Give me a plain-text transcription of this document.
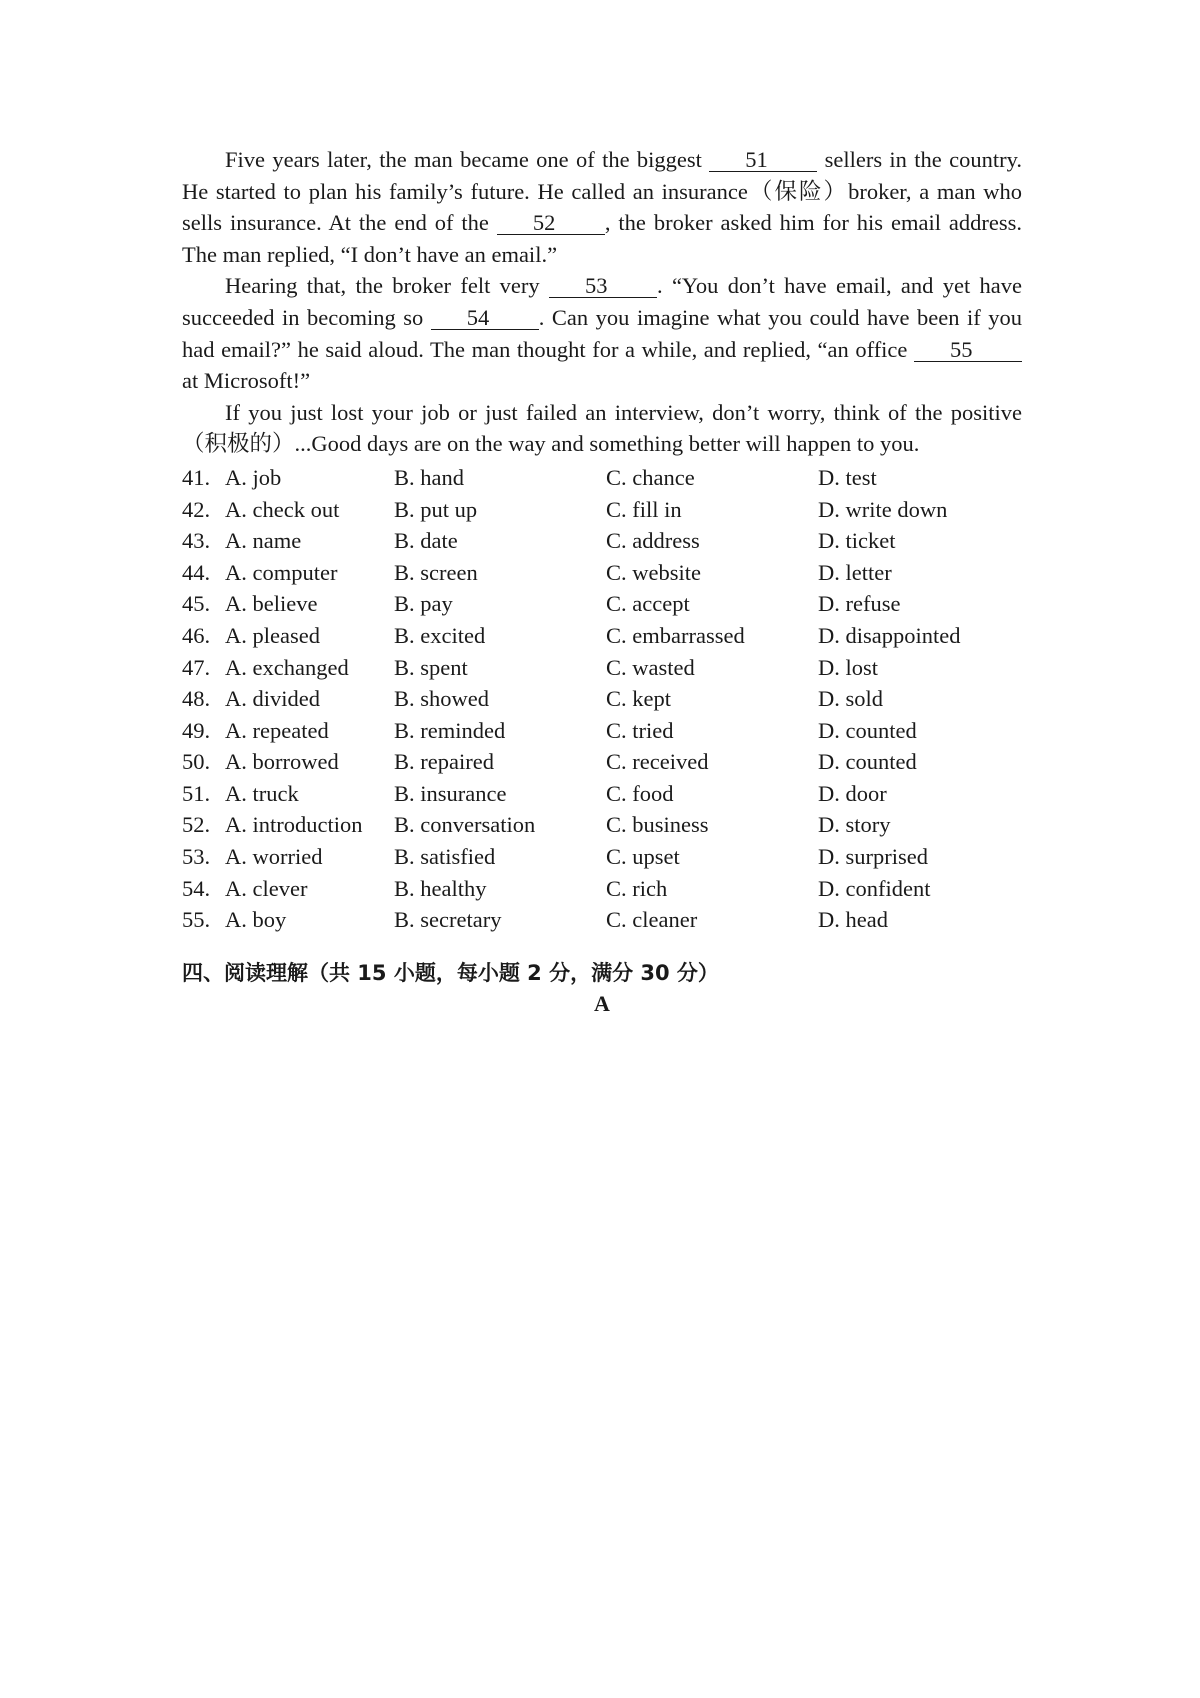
Five years later, the man became one of the biggest 51 sellers in the country. He started to plan his family’s future. He called an insurance（保险）broker, a man who sells insurance. At the end of the 52 , the broker asked him for his email address. The man replied, “I don’t have an email.”

Hearing that, the broker felt very 53 . “You don’t have email, and yet have succeeded in becoming so 54 . Can you imagine what you could have been if you had email?” he said aloud. The man thought for a while, and replied, “an office 55 at Microsoft!”

If you just lost your job or just failed an interview, don’t worry, think of the positive（积极的）...Good days are on the way and something better will happen to you.

41. A. job	B. hand	C. chance	D. test
42. A. check out	B. put up	C. fill in	D. write down
43. A. name	B. date	C. address	D. ticket
44. A. computer	B. screen	C. website	D. letter
45. A. believe	B. pay	C. accept	D. refuse
46. A. pleased	B. excited	C. embarrassed	D. disappointed
47. A. exchanged	B. spent	C. wasted	D. lost
48. A. divided	B. showed	C. kept	D. sold
49. A. repeated	B. reminded	C. tried	D. counted
50. A. borrowed	B. repaired	C. received	D. counted
51. A. truck	B. insurance	C. food	D. door
52. A. introduction	B. conversation	C. business	D. story
53. A. worried	B. satisfied	C. upset	D. surprised
54. A. clever	B. healthy	C. rich	D. confident
55. A. boy	B. secretary	C. cleaner	D. head
四、阅读理解（共 15 小题，每小题 2 分，满分 30 分）
A
